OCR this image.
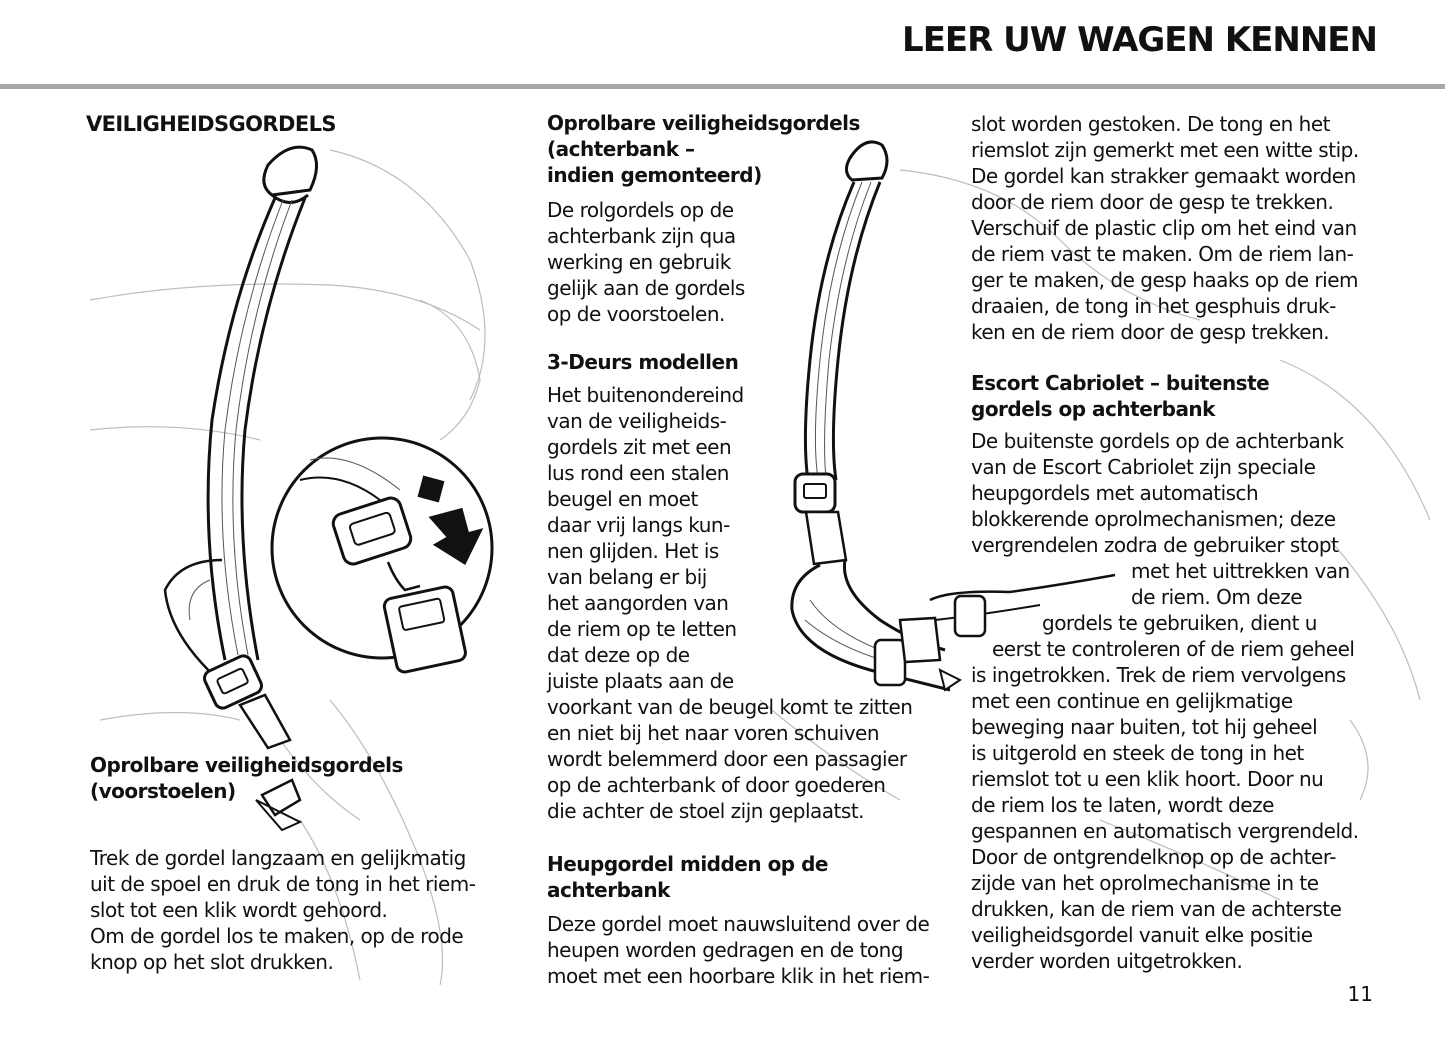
LEER UW WAGEN KENNEN
VEILIGHEIDSGORDELS

Oprolbare veiligheidsgordels

(voorstoelen)

Trek de gordel langzaam en gelijkmatig

uit de spoel en druk de tong in het riem-

slot tot een klik wordt gehoord.

Om de gordel los te maken, op de rode

knop op het slot drukken.

Oprolbare veiligheidsgordels

(achterbank –

indien gemonteerd)

De rolgordels op de

achterbank zijn qua

werking en gebruik

gelijk aan de gordels

op de voorstoelen.

3-Deurs modellen

Het buitenondereind

van de veiligheids-

gordels zit met een

lus rond een stalen

beugel en moet

daar vrij langs kun-

nen glijden. Het is

van belang er bij

het aangorden van

de riem op te letten

dat deze op de

juiste plaats aan de

voorkant van de beugel komt te zitten

en niet bij het naar voren schuiven

wordt belemmerd door een passagier

op de achterbank of door goederen

die achter de stoel zijn geplaatst.

Heupgordel midden op de

achterbank

Deze gordel moet nauwsluitend over de

heupen worden gedragen en de tong

moet met een hoorbare klik in het riem-

slot worden gestoken. De tong en het

riemslot zijn gemerkt met een witte stip.

De gordel kan strakker gemaakt worden

door de riem door de gesp te trekken.

Verschuif de plastic clip om het eind van

de riem vast te maken. Om de riem lan-

ger te maken, de gesp haaks op de riem

draaien, de tong in het gesphuis druk-

ken en de riem door de gesp trekken.

Escort Cabriolet – buitenste

gordels op achterbank

De buitenste gordels op de achterbank

van de Escort Cabriolet zijn speciale

heupgordels met automatisch

blokkerende oprolmechanismen; deze

vergrendelen zodra de gebruiker stopt

met het uittrekken van
de riem. Om deze
gordels te gebruiken, dient u
eerst te controleren of de riem geheel

is ingetrokken. Trek de riem vervolgens

met een continue en gelijkmatige

beweging naar buiten, tot hij geheel

is uitgerold en steek de tong in het

riemslot tot u een klik hoort. Door nu

de riem los te laten, wordt deze

gespannen en automatisch vergrendeld.

Door de ontgrendelknop op de achter-

zijde van het oprolmechanisme in te

drukken, kan de riem van de achterste

veiligheidsgordel vanuit elke positie

verder worden uitgetrokken.

11
